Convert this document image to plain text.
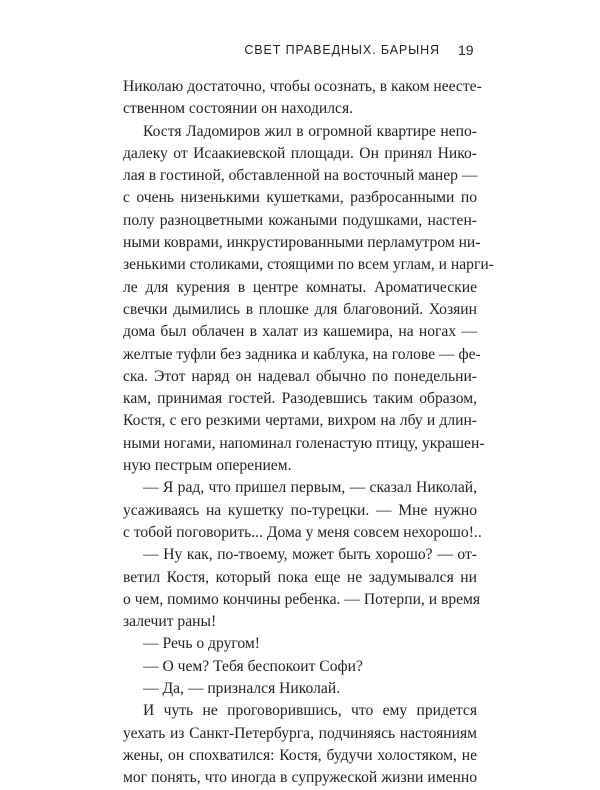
СВЕТ ПРАВЕДНЫХ. БАРЫНЯ 19
Николаю достаточно, чтобы осознать, в каком неесте-
ственном состоянии он находился.
Костя Ладомиров жил в огромной квартире непо-
далеку от Исаакиевской площади. Он принял Нико-
лая в гостиной, обставленной на восточный манер —
с очень низенькими кушетками, разбросанными по
полу разноцветными кожаными подушками, настен-
ными коврами, инкрустированными перламутром ни-
зенькими столиками, стоящими по всем углам, и нарги-
ле для курения в центре комнаты. Ароматические
свечки дымились в плошке для благовоний. Хозяин
дома был облачен в халат из кашемира, на ногах —
желтые туфли без задника и каблука, на голове — фе-
ска. Этот наряд он надевал обычно по понедельни-
кам, принимая гостей. Разодевшись таким образом,
Костя, с его резкими чертами, вихром на лбу и длин-
ными ногами, напоминал голенастую птицу, украшен-
ную пестрым оперением.
— Я рад, что пришел первым, — сказал Николай,
усаживаясь на кушетку по-турецки. — Мне нужно
с тобой поговорить... Дома у меня совсем нехорошо!..
— Ну как, по-твоему, может быть хорошо? — от-
ветил Костя, который пока еще не задумывался ни
о чем, помимо кончины ребенка. — Потерпи, и время
залечит раны!
— Речь о другом!
— О чем? Тебя беспокоит Софи?
— Да, — признался Николай.
И чуть не проговорившись, что ему придется
уехать из Санкт-Петербурга, подчиняясь настояниям
жены, он спохватился: Костя, будучи холостяком, не
мог понять, что иногда в супружеской жизни именно
